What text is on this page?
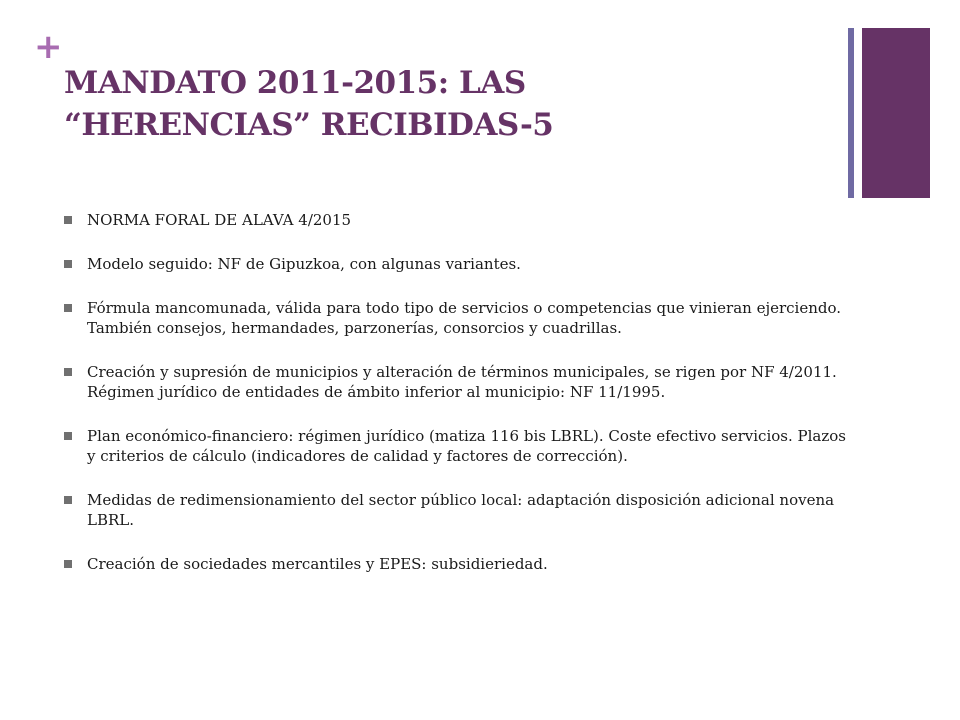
+
MANDATO 2011-2015: LAS
“HERENCIAS” RECIBIDAS-5
NORMA FORAL DE ALAVA 4/2015
Modelo seguido: NF de Gipuzkoa, con algunas variantes.
Fórmula mancomunada, válida para todo tipo de servicios o competencias que vinieran ejerciendo. También consejos, hermandades, parzonerías, consorcios y cuadrillas.
Creación y supresión de municipios y alteración de términos municipales, se rigen por NF 4/2011. Régimen jurídico de entidades de ámbito inferior al municipio: NF 11/1995.
Plan económico-financiero: régimen jurídico (matiza 116 bis LBRL). Coste efectivo servicios. Plazos y criterios de cálculo (indicadores de calidad y factores de corrección).
Medidas de redimensionamiento del sector público local: adaptación disposición adicional novena LBRL.
Creación de sociedades mercantiles y EPES: subsidieriedad.
